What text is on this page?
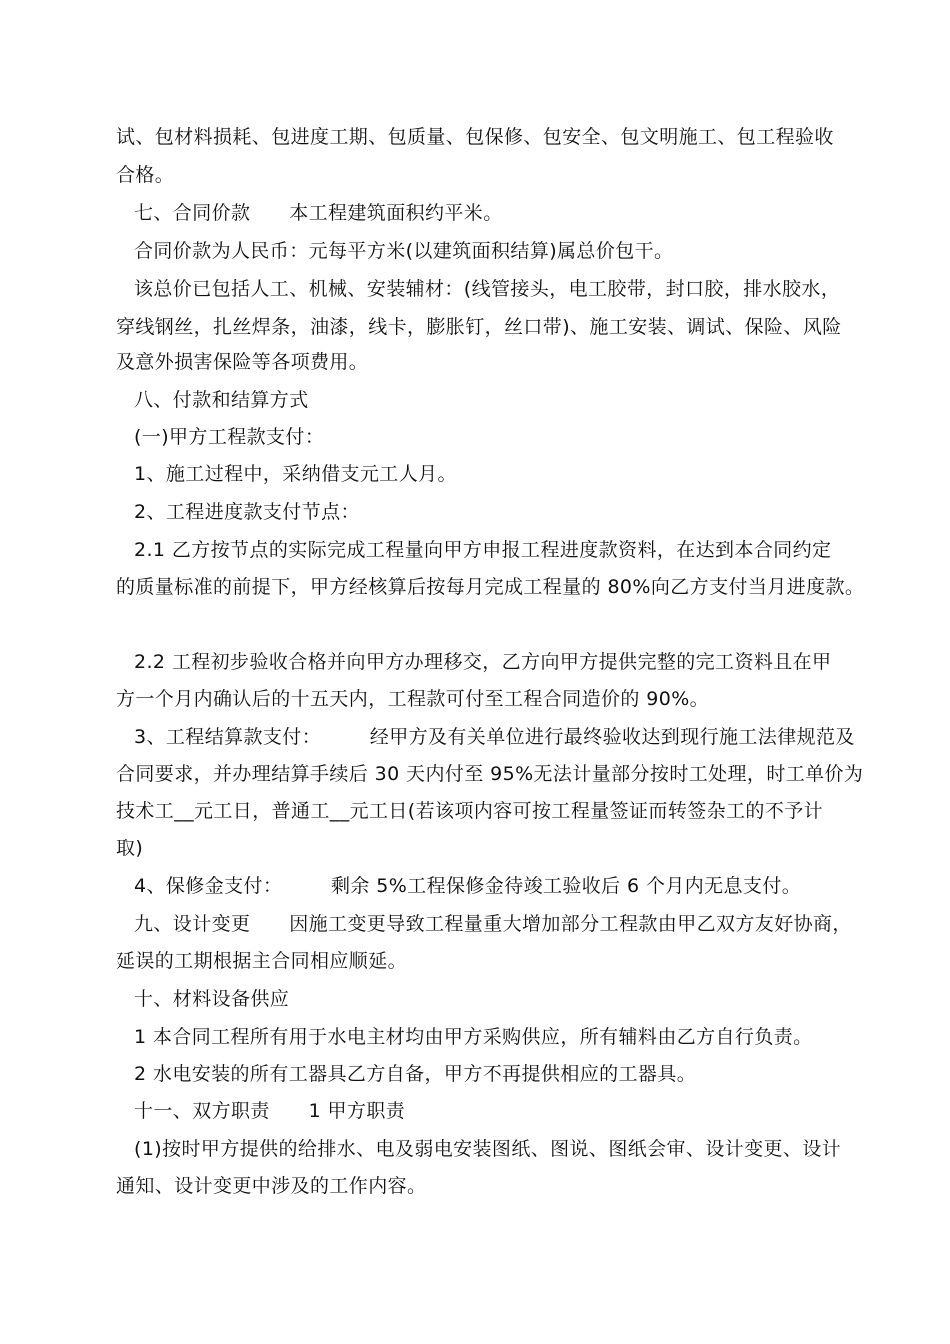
试、包材料损耗、包进度工期、包质量、包保修、包安全、包文明施工、包工程验收
合格。
七、合同价款　　本工程建筑面积约平米。
合同价款为人民币：元每平方米(以建筑面积结算)属总价包干。
该总价已包括人工、机械、安装辅材：(线管接头，电工胶带，封口胶，排水胶水，
穿线钢丝，扎丝焊条，油漆，线卡，膨胀钉，丝口带)、施工安装、调试、保险、风险
及意外损害保险等各项费用。
八、付款和结算方式
(一)甲方工程款支付：
1、施工过程中，采纳借支元工人月。
2、工程进度款支付节点：
2.1 乙方按节点的实际完成工程量向甲方申报工程进度款资料，在达到本合同约定
的质量标准的前提下，甲方经核算后按每月完成工程量的 80%向乙方支付当月进度款。
2.2 工程初步验收合格并向甲方办理移交，乙方向甲方提供完整的完工资料且在甲
方一个月内确认后的十五天内，工程款可付至工程合同造价的 90%。
3、工程结算款支付：　　　经甲方及有关单位进行最终验收达到现行施工法律规范及
合同要求，并办理结算手续后 30 天内付至 95%无法计量部分按时工处理，时工单价为
技术工__元工日，普通工__元工日(若该项内容可按工程量签证而转签杂工的不予计
取)
4、保修金支付：　　　剩余 5%工程保修金待竣工验收后 6 个月内无息支付。
九、设计变更　　因施工变更导致工程量重大增加部分工程款由甲乙双方友好协商，
延误的工期根据主合同相应顺延。
十、材料设备供应
1 本合同工程所有用于水电主材均由甲方采购供应，所有辅料由乙方自行负责。
2 水电安装的所有工器具乙方自备，甲方不再提供相应的工器具。
十一、双方职责　　1 甲方职责
(1)按时甲方提供的给排水、电及弱电安装图纸、图说、图纸会审、设计变更、设计
通知、设计变更中涉及的工作内容。
